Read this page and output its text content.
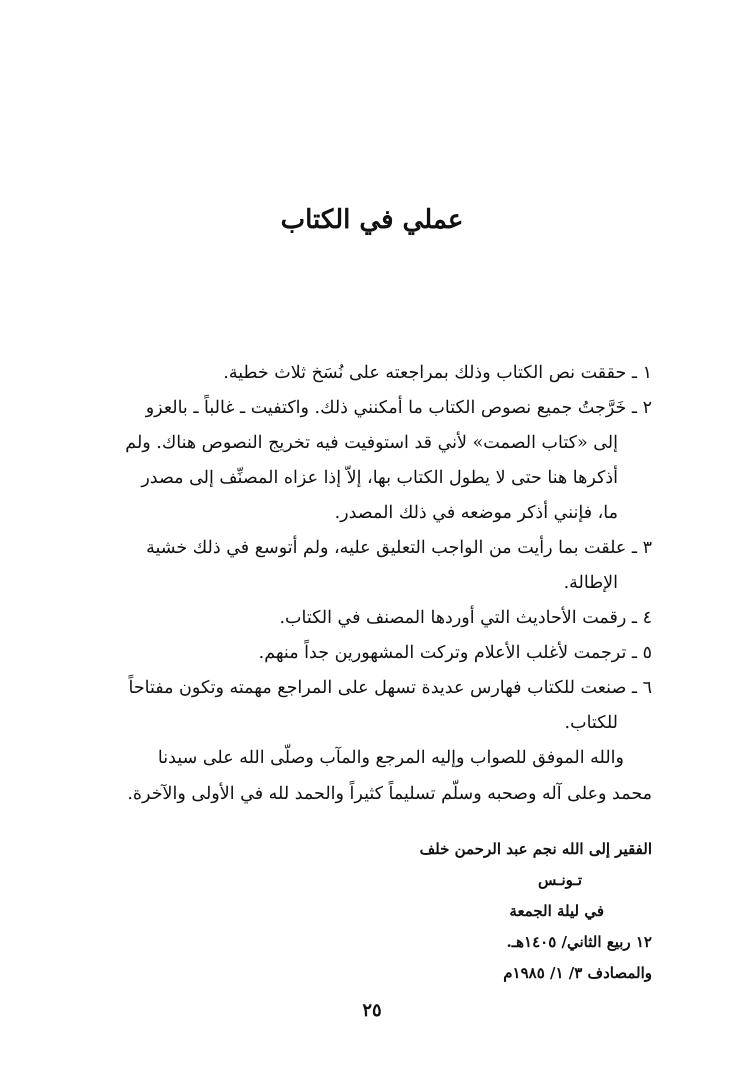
عملي في الكتاب

١ ـ حققت نص الكتاب وذلك بمراجعته على نُسَخ ثلاث خطية.

٢ ـ خَرَّجتُ جميع نصوص الكتاب ما أمكنني ذلك. واكتفيت ـ غالباً ـ بالعزو

إلى «كتاب الصمت» لأني قد استوفيت فيه تخريج النصوص هناك. ولم

أذكرها هنا حتى لا يطول الكتاب بها، إلاّ إذا عزاه المصنِّف إلى مصدر

ما، فإنني أذكر موضعه في ذلك المصدر.

٣ ـ علقت بما رأيت من الواجب التعليق عليه، ولم أتوسع في ذلك خشية

الإطالة.

٤ ـ رقمت الأحاديث التي أوردها المصنف في الكتاب.

٥ ـ ترجمت لأغلب الأعلام وتركت المشهورين جداً منهم.

٦ ـ صنعت للكتاب فهارس عديدة تسهل على المراجع مهمته وتكون مفتاحاً

للكتاب.

والله الموفق للصواب وإليه المرجع والمآب وصلّى الله على سيدنا

محمد وعلى آله وصحبه وسلّم تسليماً كثيراً والحمد لله في الأولى والآخرة.

الفقير إلى الله نجم عبد الرحمن خلف
تـونـس
في ليلة الجمعة
١٢ ربيع الثاني/ ١٤٠٥هـ.
والمصادف ٣/ ١/ ١٩٨٥م
٢٥
